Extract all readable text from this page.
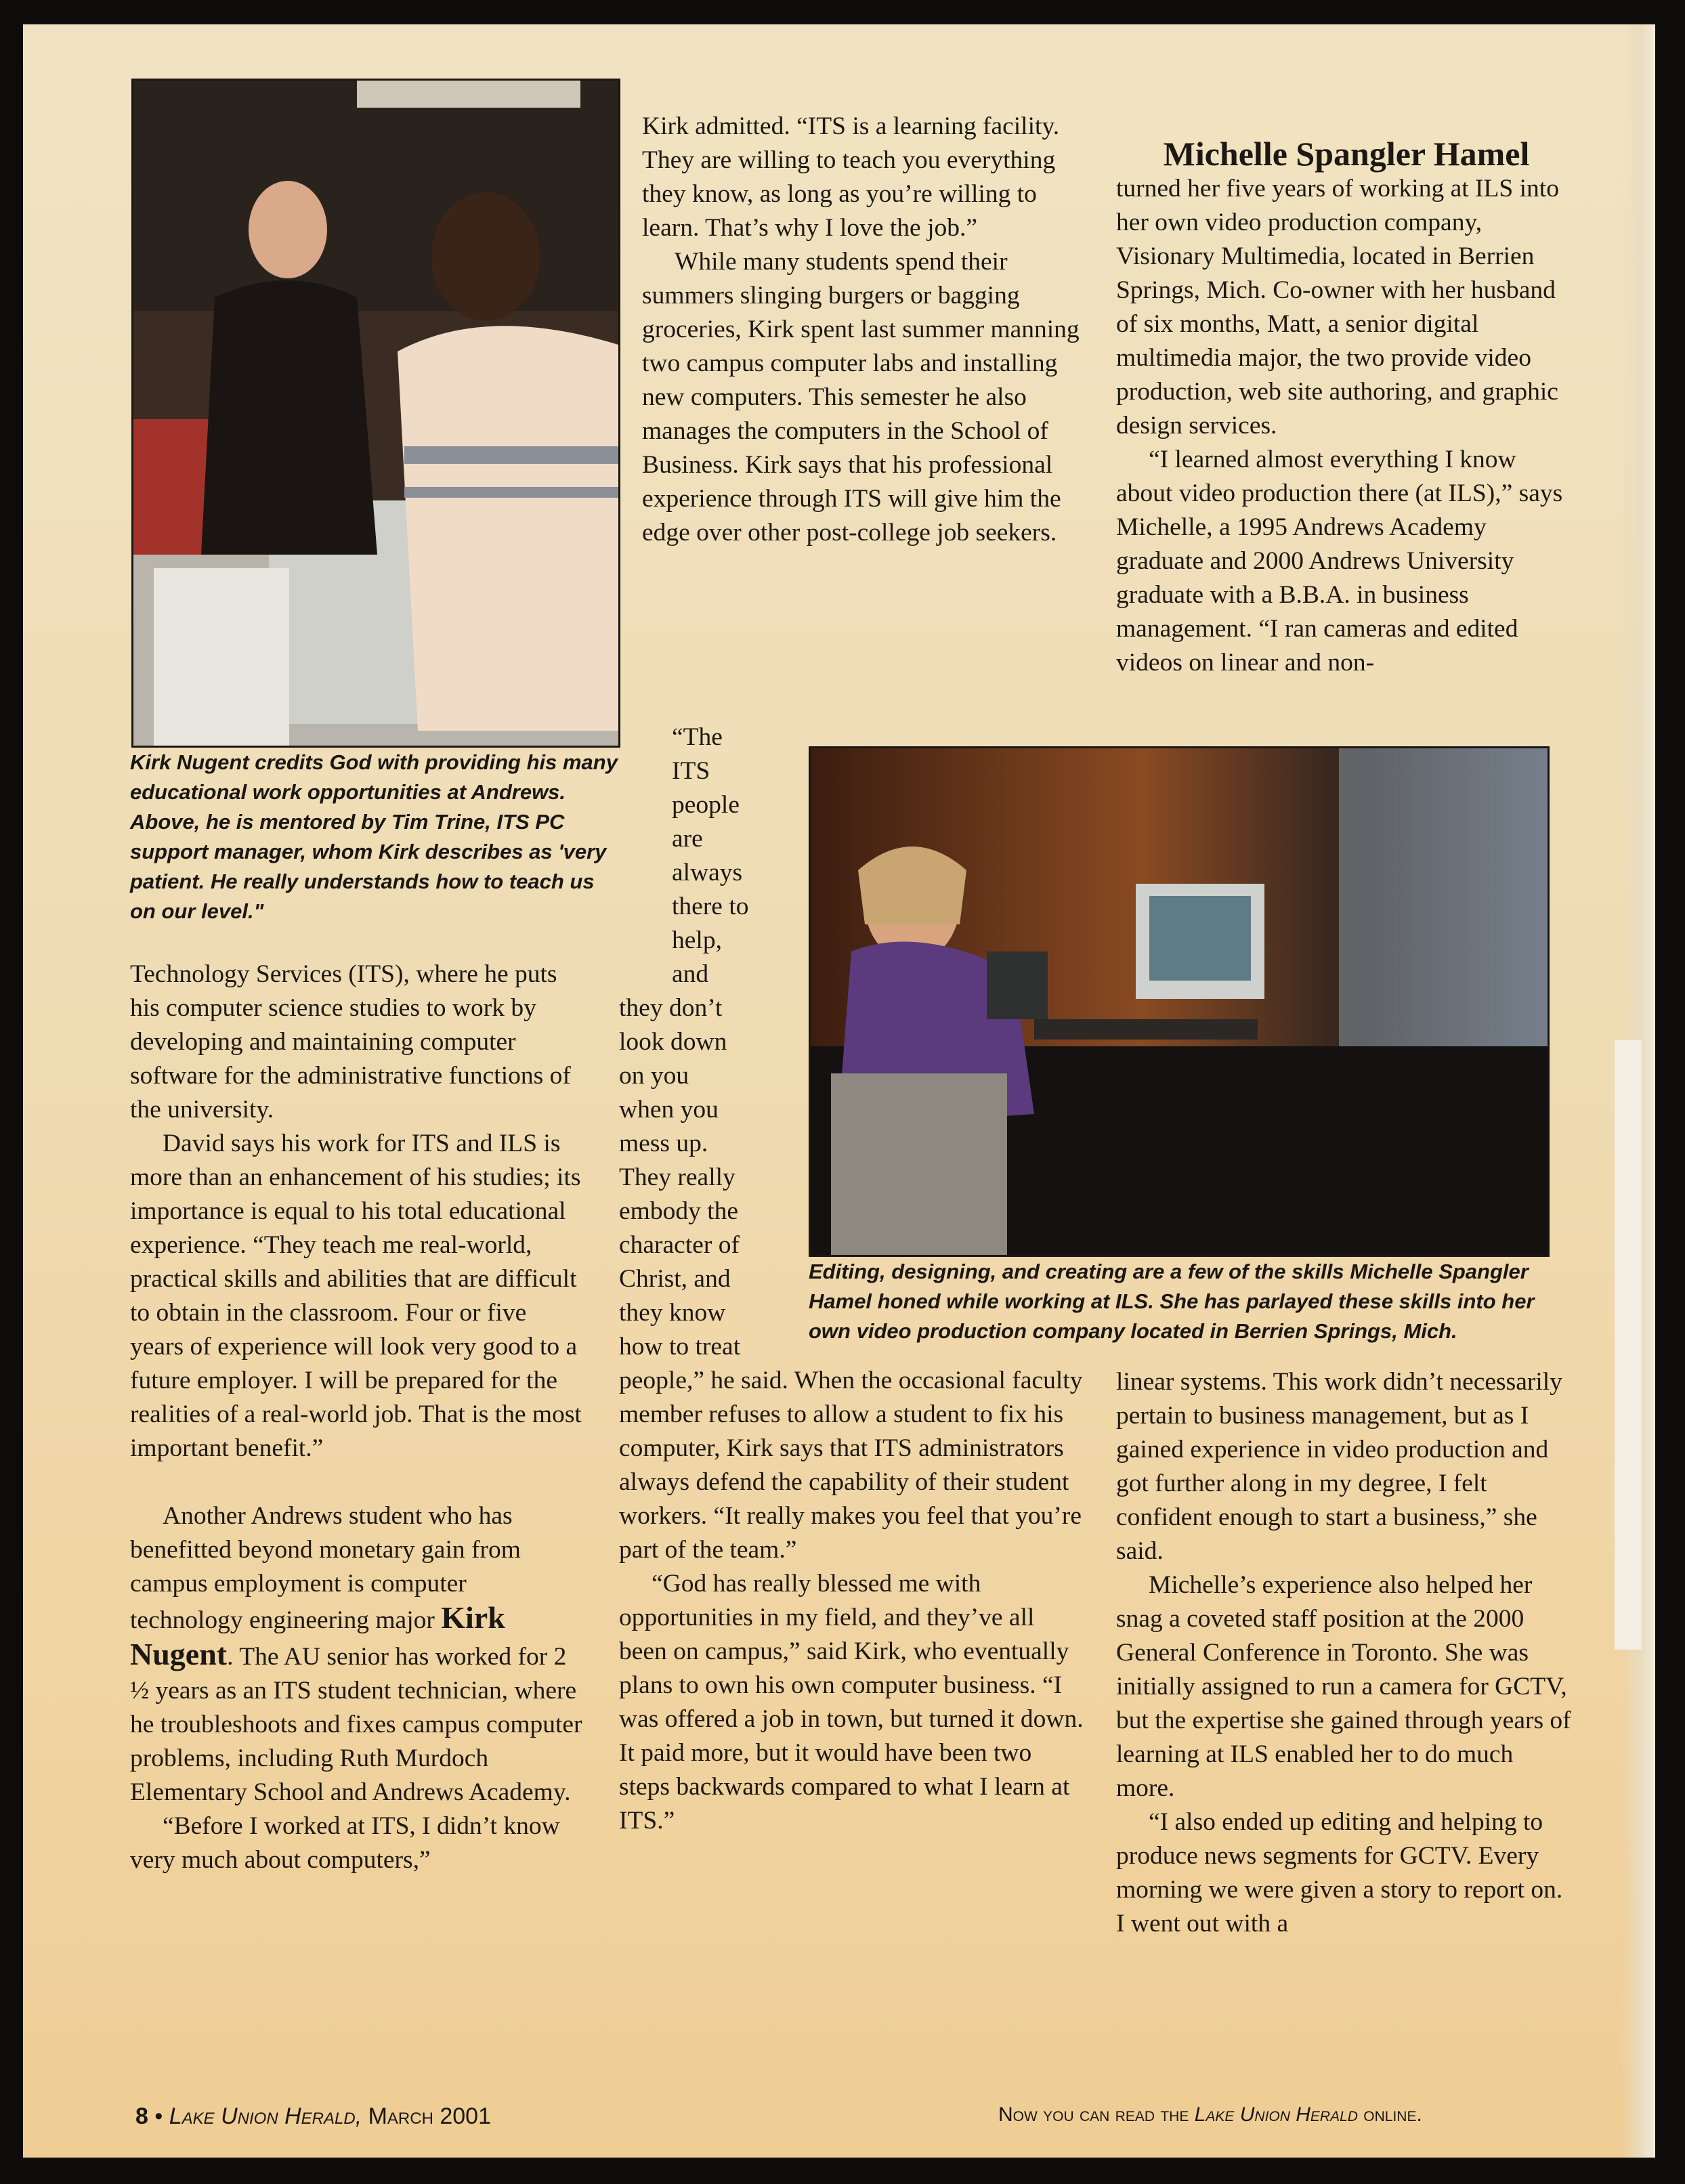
Kirk Nugent credits God with providing his many educational work opportunities at Andrews. Above, he is mentored by Tim Trine, ITS PC support manager, whom Kirk describes as 'very patient. He really understands how to teach us on our level."

Technology Services (ITS), where he puts his computer science studies to work by developing and maintaining computer software for the administrative functions of the university.

David says his work for ITS and ILS is more than an enhancement of his studies; its importance is equal to his total educational experience. “They teach me real-world, practical skills and abilities that are difficult to obtain in the classroom. Four or five years of experience will look very good to a future employer. I will be prepared for the realities of a real-world job. That is the most important benefit.”

Another Andrews student who has benefitted beyond monetary gain from campus employment is computer technology engineering major Kirk Nugent. The AU senior has worked for 2 ½ years as an ITS student technician, where he troubleshoots and fixes campus computer problems, including Ruth Murdoch Elementary School and Andrews Academy.

“Before I worked at ITS, I didn’t know very much about computers,”

Kirk admitted. “ITS is a learning facility. They are willing to teach you everything they know, as long as you’re willing to learn. That’s why I love the job.”

While many students spend their summers slinging burgers or bagging groceries, Kirk spent last summer manning two campus computer labs and installing new computers. This semester he also manages the computers in the School of Business. Kirk says that his professional experience through ITS will give him the edge over other post-college job seekers.

“The
ITS
people
are
always
there to
help,
and
they don’t
look down
on you
when you
mess up.
They really
embody the
character of
Christ, and
they know
how to treat

people,” he said. When the occasional faculty member refuses to allow a student to fix his computer, Kirk says that ITS administrators always defend the capability of their student workers. “It really makes you feel that you’re part of the team.”

“God has really blessed me with opportunities in my field, and they’ve all been on campus,” said Kirk, who eventually plans to own his own computer business. “I was offered a job in town, but turned it down. It paid more, but it would have been two steps backwards compared to what I learn at ITS.”

Editing, designing, and creating are a few of the skills Michelle Spangler Hamel honed while working at ILS. She has parlayed these skills into her own video production company located in Berrien Springs, Mich.
Michelle Spangler Hamel

turned her five years of working at ILS into her own video production company, Visionary Multimedia, located in Berrien Springs, Mich. Co-owner with her husband of six months, Matt, a senior digital multimedia major, the two provide video production, web site authoring, and graphic design services.

“I learned almost everything I know about video production there (at ILS),” says Michelle, a 1995 Andrews Academy graduate and 2000 Andrews University graduate with a B.B.A. in business management. “I ran cameras and edited videos on linear and non-

linear systems. This work didn’t necessarily pertain to business management, but as I gained experience in video production and got further along in my degree, I felt confident enough to start a business,” she said.

Michelle’s experience also helped her snag a coveted staff position at the 2000 General Conference in Toronto. She was initially assigned to run a camera for GCTV, but the expertise she gained through years of learning at ILS enabled her to do much more.

“I also ended up editing and helping to produce news segments for GCTV. Every morning we were given a story to report on. I went out with a

8 • Lake Union Herald, March 2001	Now you can read the Lake Union Herald online.
